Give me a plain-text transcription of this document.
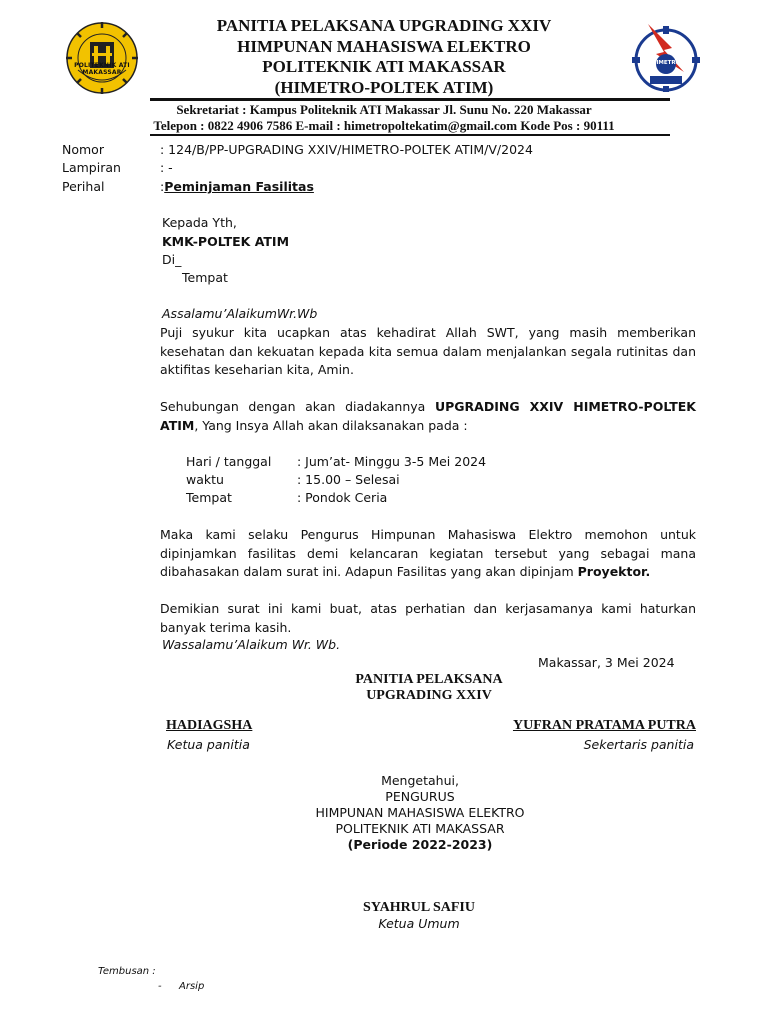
POLITEKNIK ATI MAKASSAR
HIMETRO
PANITIA PELAKSANA UPGRADING XXIV
HIMPUNAN MAHASISWA ELEKTRO
POLITEKNIK ATI MAKASSAR
(HIMETRO-POLTEK ATIM)
Sekretariat : Kampus Politeknik ATI Makassar Jl. Sunu No. 220 Makassar
Telepon : 0822 4906 7586 E-mail : himetropoltekatim@gmail.com Kode Pos : 90111
Nomor	: 124/B/PP-UPGRADING XXIV/HIMETRO-POLTEK ATIM/V/2024
Lampiran	: -
Perihal	:Peminjaman Fasilitas
Kepada Yth,
KMK-POLTEK ATIM
Di_
Tempat
Assalamu’AlaikumWr.Wb
Puji syukur kita ucapkan atas kehadirat Allah SWT, yang masih memberikan kesehatan dan kekuatan kepada kita semua dalam menjalankan segala rutinitas dan aktifitas keseharian kita, Amin.
Sehubungan dengan akan diadakannya UPGRADING XXIV HIMETRO-POLTEK ATIM, Yang Insya Allah akan dilaksanakan pada :
Hari / tanggal : Jum’at- Minggu 3-5 Mei 2024
waktu	: 15.00 – Selesai
Tempat	: Pondok Ceria
Maka kami selaku Pengurus Himpunan Mahasiswa Elektro memohon untuk dipinjamkan fasilitas demi kelancaran kegiatan tersebut yang sebagai mana dibahasakan dalam surat ini. Adapun Fasilitas yang akan dipinjam Proyektor.
Demikian surat ini kami buat, atas perhatian dan kerjasamanya kami haturkan banyak terima kasih.
Wassalamu’Alaikum Wr. Wb.
Makassar, 3 Mei 2024
PANITIA PELAKSANA
UPGRADING XXIV
HADIAGSHA
Ketua panitia
YUFRAN PRATAMA PUTRA
Sekertaris panitia
Mengetahui,
PENGURUS
HIMPUNAN MAHASISWA ELEKTRO
POLITEKNIK ATI MAKASSAR
(Periode 2022-2023)
SYAHRUL SAFIU
Ketua Umum
Tembusan :
- Arsip
